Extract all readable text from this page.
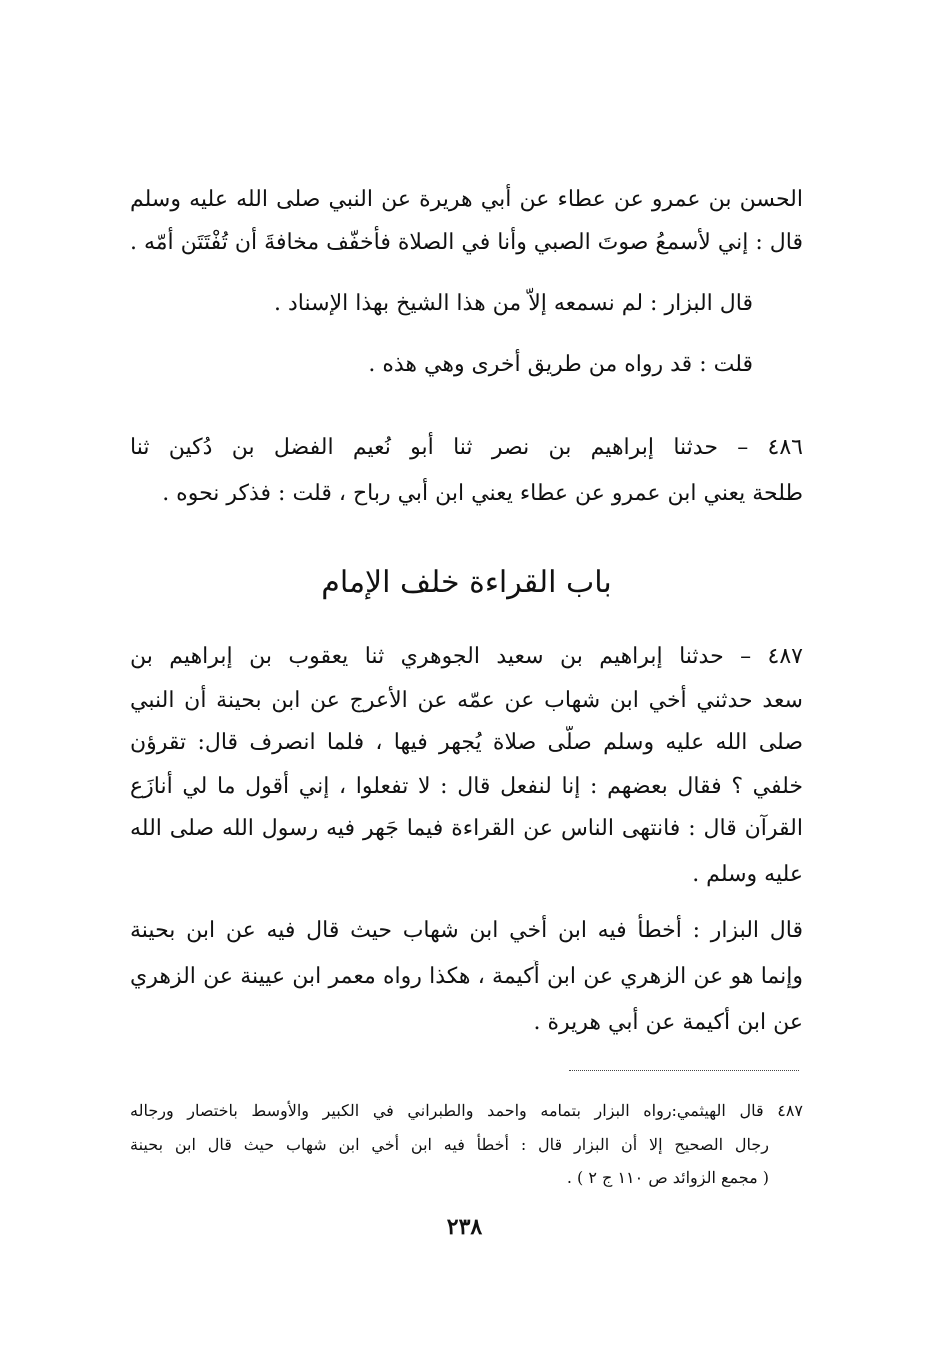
الحسن بن عمرو عن عطاء عن أبي هريرة عن النبي صلى الله عليه وسلم
قال : إني لأسمعُ صوتَ الصبي وأنا في الصلاة فأخفّف مخافةَ أن تُفْتَتَن أمّه .
قال البزار : لم نسمعه إلاّ من هذا الشيخ بهذا الإسناد .
قلت : قد رواه من طريق أخرى وهي هذه .
٤٨٦ – حدثنا إبراهيم بن نصر ثنا أبو نُعيم الفضل بن دُكين ثنا
طلحة يعني ابن عمرو عن عطاء يعني ابن أبي رباح ، قلت : فذكر نحوه .
باب القراءة خلف الإمام
٤٨٧ – حدثنا إبراهيم بن سعيد الجوهري ثنا يعقوب بن إبراهيم بن
سعد حدثني أخي ابن شهاب عن عمّه عن الأعرج عن ابن بحينة أن النبي
صلى الله عليه وسلم صلّى صلاة يُجهر فيها ، فلما انصرف قال: تقرؤن
خلفي ؟ فقال بعضهم : إنا لنفعل قال : لا تفعلوا ، إني أقول ما لي أنازَع
القرآن قال : فانتهى الناس عن القراءة فيما جَهر فيه رسول الله صلى الله
عليه وسلم .
قال البزار : أخطأ فيه ابن أخي ابن شهاب حيث قال فيه عن ابن بحينة
وإنما هو عن الزهري عن ابن أُكيمة ، هكذا رواه معمر ابن عيينة عن الزهري
عن ابن أكيمة عن أبي هريرة .
٤٨٧ قال الهيثمي:رواه البزار بتمامه واحمد والطبراني في الكبير والأوسط باختصار ورجاله
رجال الصحيح إلا أن البزار قال : أخطأ فيه ابن أخي ابن شهاب حيث قال ابن بحينة
( مجمع الزوائد ص ١١٠ ج ٢ ) .
٢٣٨
